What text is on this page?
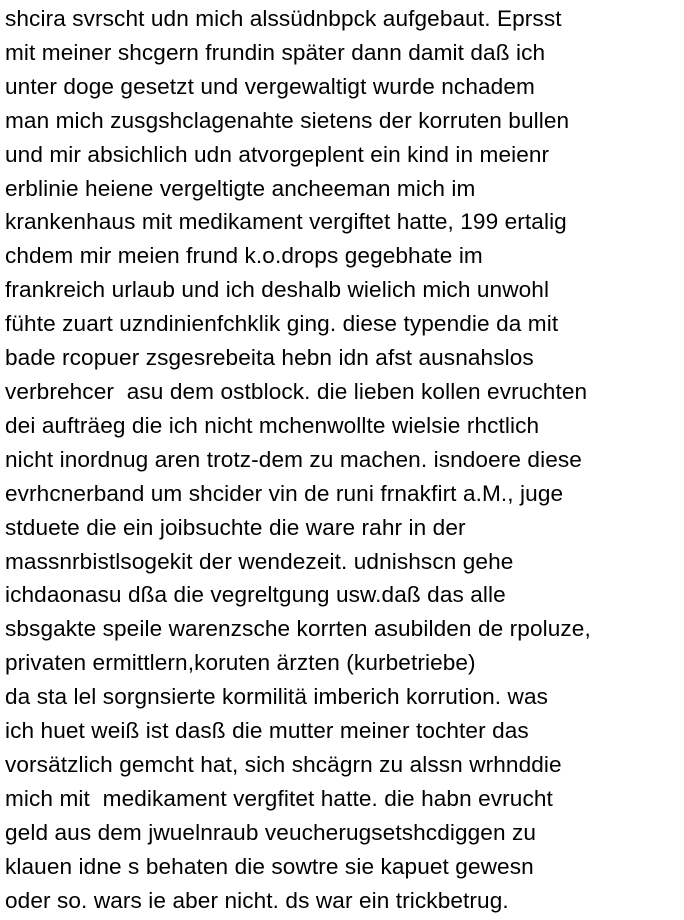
shcira svrscht udn mich alssüdnbpck aufgebaut. Eprsst
mit meiner shcgern frundin später dann damit daß ich
unter doge gesetzt und vergewaltigt wurde nchadem
man mich zusgshclagenahte sietens der korruten bullen
und mir absichlich udn atvorgeplent ein kind in meienr
erblinie heiene vergeltigte ancheeman mich im
krankenhaus mit medikament vergiftet hatte, 199 ertalig
chdem mir meien frund k.o.drops gegebhate im
frankreich urlaub und ich deshalb wielich mich unwohl
fühte zuart uzndinienfchklik ging. diese typendie da mit
bade rcopuer zsgesrebeita hebn idn afst ausnahslos
verbrehcer  asu dem ostblock. die lieben kollen evruchten
dei aufträeg die ich nicht mchenwollte wielsie rhctlich
nicht inordnug aren trotz-dem zu machen. isndoere diese
evrhcnerband um shcider vin de runi frnakfirt a.M., juge
stduete die ein joibsuchte die ware rahr in der
massnrbistlsogekit der wendezeit. udnishscn gehe
ichdaonasu dßa die vegreltgung usw.daß das alle
sbsgakte speile warenzsche korrten asubilden de rpoluze,
privaten ermittlern,koruten ärzten (kurbetriebe)
da sta lel sorgnsierte kormilitä imberich korrution. was
ich huet weiß ist dasß die mutter meiner tochter das
vorsätzlich gemcht hat, sich shcägrn zu alssn wrhnddie
mich mit  medikament vergfitet hatte. die habn evrucht
geld aus dem jwuelnraub veucherugsetshcdiggen zu
klauen idne s behaten die sowtre sie kapuet gewesn
oder so. wars ie aber nicht. ds war ein trickbetrug.
